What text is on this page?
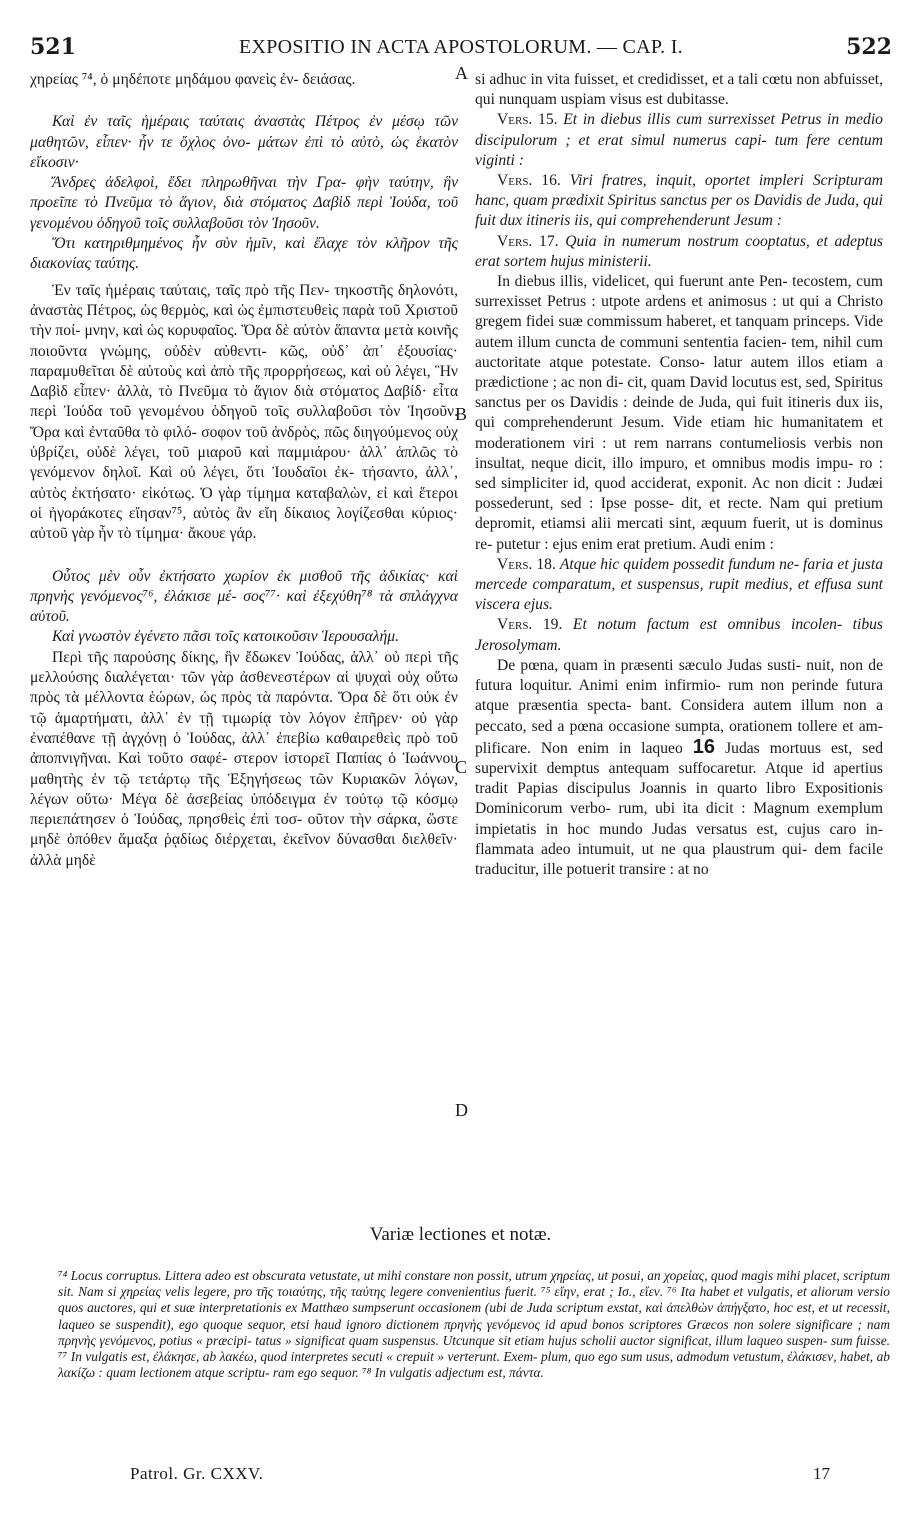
521	EXPOSITIO IN ACTA APOSTOLORUM. — CAP. I.	522

χηρείας ⁷⁴, ὁ μηδέποτε μηδάμου φανεὶς ἐν- δειάσας.

Καὶ ἐν ταῖς ἡμέραις ταύταις ἀναστὰς Πέτρος ἐν μέσῳ τῶν μαθητῶν, εἶπεν· ἦν τε ὄχλος ὀνο- μάτων ἐπὶ τὸ αὐτὸ, ὡς ἑκατὸν εἴκοσιν·

Ἄνδρες ἀδελφοὶ, ἔδει πληρωθῆναι τὴν Γρα- φὴν ταύτην, ἣν προεῖπε τὸ Πνεῦμα τὸ ἅγιον, διὰ στόματος Δαβὶδ περὶ Ἰούδα, τοῦ γενομένου ὁδηγοῦ τοῖς συλλαβοῦσι τὸν Ἰησοῦν.

Ὅτι κατηριθμημένος ἦν σὺν ἡμῖν, καὶ ἔλαχε τὸν κλῆρον τῆς διακονίας ταύτης.

Ἐν ταῖς ἡμέραις ταύταις, ταῖς πρὸ τῆς Πεν- τηκοστῆς δηλονότι, ἀναστὰς Πέτρος, ὡς θερμὸς, καὶ ὡς ἐμπιστευθεὶς παρὰ τοῦ Χριστοῦ τὴν ποί- μνην, καὶ ὡς κορυφαῖος. Ὅρα δὲ αὐτὸν ἅπαντα μετὰ κοινῆς ποιοῦντα γνώμης, οὐδὲν αὐθεντι- κῶς, οὐδ᾽ ἀπ᾽ ἐξουσίας· παραμυθεῖται δὲ αὐτοὺς καὶ ἀπὸ τῆς προρρήσεως, καὶ οὐ λέγει, Ἣν Δαβὶδ εἶπεν· ἀλλὰ, τὸ Πνεῦμα τὸ ἅγιον διὰ στόματος Δαβίδ· εἶτα περὶ Ἰούδα τοῦ γενομένου ὁδηγοῦ τοῖς συλλαβοῦσι τὸν Ἰησοῦν. Ὅρα καὶ ἐνταῦθα τὸ φιλό- σοφον τοῦ ἀνδρὸς, πῶς διηγούμενος οὐχ ὑβρίζει, οὐδὲ λέγει, τοῦ μιαροῦ καὶ παμμιάρου· ἀλλ᾽ ἁπλῶς τὸ γενόμενον δηλοῖ. Καὶ οὐ λέγει, ὅτι Ἰουδαῖοι ἐκ- τήσαντο, ἀλλ᾽, αὐτὸς ἐκτήσατο· εἰκότως. Ὁ γὰρ τίμημα καταβαλὼν, εἰ καὶ ἕτεροι οἱ ἠγοράκοτες εἴησαν⁷⁵, αὐτὸς ἂν εἴη δίκαιος λογίζεσθαι κύριος· αὐτοῦ γὰρ ἦν τὸ τίμημα· ἄκουε γάρ.

Οὗτος μὲν οὖν ἐκτήσατο χωρίον ἐκ μισθοῦ τῆς ἀδικίας· καὶ πρηνὴς γενόμενος⁷⁶, ἐλάκισε μέ- σος⁷⁷· καὶ ἐξεχύθη⁷⁸ τὰ σπλάγχνα αὐτοῦ.

Καὶ γνωστὸν ἐγένετο πᾶσι τοῖς κατοικοῦσιν Ἱερουσαλήμ.

Περὶ τῆς παρούσης δίκης, ἣν ἔδωκεν Ἰούδας, ἀλλ᾽ οὐ περὶ τῆς μελλούσης διαλέγεται· τῶν γὰρ ἀσθενεστέρων αἱ ψυχαὶ οὐχ οὕτω πρὸς τὰ μέλλοντα ἑώρων, ὡς πρὸς τὰ παρόντα. Ὅρα δὲ ὅτι οὐκ ἐν τῷ ἁμαρτήματι, ἀλλ᾽ ἐν τῇ τιμωρίᾳ τὸν λόγον ἐπῆρεν· οὐ γὰρ ἐναπέθανε τῇ ἀγχόνῃ ὁ Ἰούδας, ἀλλ᾽ ἐπεβίω καθαιρεθεὶς πρὸ τοῦ ἀποπνιγῆναι. Καὶ τοῦτο σαφέ- στερον ἱστορεῖ Παπίας ὁ Ἰωάννου μαθητὴς ἐν τῷ τετάρτῳ τῆς Ἐξηγήσεως τῶν Κυριακῶν λόγων, λέγων οὕτω· Μέγα δὲ ἀσεβείας ὑπόδειγμα ἐν τούτῳ τῷ κόσμῳ περιεπάτησεν ὁ Ἰούδας, πρησθεὶς ἐπὶ τοσ- οῦτον τὴν σάρκα, ὥστε μηδὲ ὁπόθεν ἅμαξα ῥᾳδίως διέρχεται, ἐκεῖνον δύνασθαι διελθεῖν· ἀλλὰ μηδὲ

si adhuc in vita fuisset, et credidisset, et a tali cœtu non abfuisset, qui nunquam uspiam visus est dubitasse.

Vers. 15. Et in diebus illis cum surrexisset Petrus in medio discipulorum ; et erat simul numerus capi- tum fere centum viginti :

Vers. 16. Viri fratres, inquit, oportet impleri Scripturam hanc, quam prædixit Spiritus sanctus per os Davidis de Juda, qui fuit dux itineris iis, qui comprehenderunt Jesum :

Vers. 17. Quia in numerum nostrum cooptatus, et adeptus erat sortem hujus ministerii.

In diebus illis, videlicet, qui fuerunt ante Pen- tecostem, cum surrexisset Petrus : utpote ardens et animosus : ut qui a Christo gregem fidei suæ commissum haberet, et tanquam princeps. Vide autem illum cuncta de communi sententia facien- tem, nihil cum auctoritate atque potestate. Conso- latur autem illos etiam a prædictione ; ac non di- cit, quam David locutus est, sed, Spiritus sanctus per os Davidis : deinde de Juda, qui fuit itineris dux iis, qui comprehenderunt Jesum. Vide etiam hic humanitatem et moderationem viri : ut rem narrans contumeliosis verbis non insultat, neque dicit, illo impuro, et omnibus modis impu- ro : sed simpliciter id, quod acciderat, exponit. Ac non dicit : Judæi possederunt, sed : Ipse posse- dit, et recte. Nam qui pretium depromit, etiamsi alii mercati sint, æquum fuerit, ut is dominus re- putetur : ejus enim erat pretium. Audi enim :

Vers. 18. Atque hic quidem possedit fundum ne- faria et justa mercede comparatum, et suspensus, rupit medius, et effusa sunt viscera ejus.

Vers. 19. Et notum factum est omnibus incolen- tibus Jerosolymam.

De pœna, quam in præsenti sæculo Judas susti- nuit, non de futura loquitur. Animi enim infirmio- rum non perinde futura atque præsentia specta- bant. Considera autem illum non a peccato, sed a pœna occasione sumpta, orationem tollere et am- plificare. Non enim in laqueo 16 Judas mortuus est, sed supervixit demptus antequam suffocaretur. Atque id apertius tradit Papias discipulus Joannis in quarto libro Expositionis Dominicorum verbo- rum, ubi ita dicit : Magnum exemplum impietatis in hoc mundo Judas versatus est, cujus caro in- flammata adeo intumuit, ut ne qua plaustrum qui- dem facile traducitur, ille potuerit transire : at no

A
B
C
D
Variæ lectiones et notæ.
⁷⁴ Locus corruptus. Littera adeo est obscurata vetustate, ut mihi constare non possit, utrum χηρείας, ut posui, an χορείας, quod magis mihi placet, scriptum sit. Nam si χηρείας velis legere, pro τῆς τοιαύτης, τῆς ταύτης legere convenientius fuerit. ⁷⁵ εἴην, erat ; Ισ., εἴεν. ⁷⁶ Ita habet et vulgatis, et aliorum versio quos auctores, qui et suæ interpretationis ex Matthæo sumpserunt occasionem (ubi de Juda scriptum exstat, καὶ ἀπελθὼν ἀπήγξατο, hoc est, et ut recessit, laqueo se suspendit), ego quoque sequor, etsi haud ignoro dictionem πρηνὴς γενόμενος id apud bonos scriptores Græcos non solere significare ; nam πρηνὴς γενόμενος, potius « præcipi- tatus » significat quam suspensus. Utcunque sit etiam hujus scholii auctor significat, illum laqueo suspen- sum fuisse. ⁷⁷ In vulgatis est, ἐλάκησε, ab λακέω, quod interpretes secuti « crepuit » verterunt. Exem- plum, quo ego sum usus, admodum vetustum, ἐλάκισεν, habet, ab λακίζω : quam lectionem atque scriptu- ram ego sequor. ⁷⁸ In vulgatis adjectum est, πάντα.
Patrol. Gr. CXXV.	17
